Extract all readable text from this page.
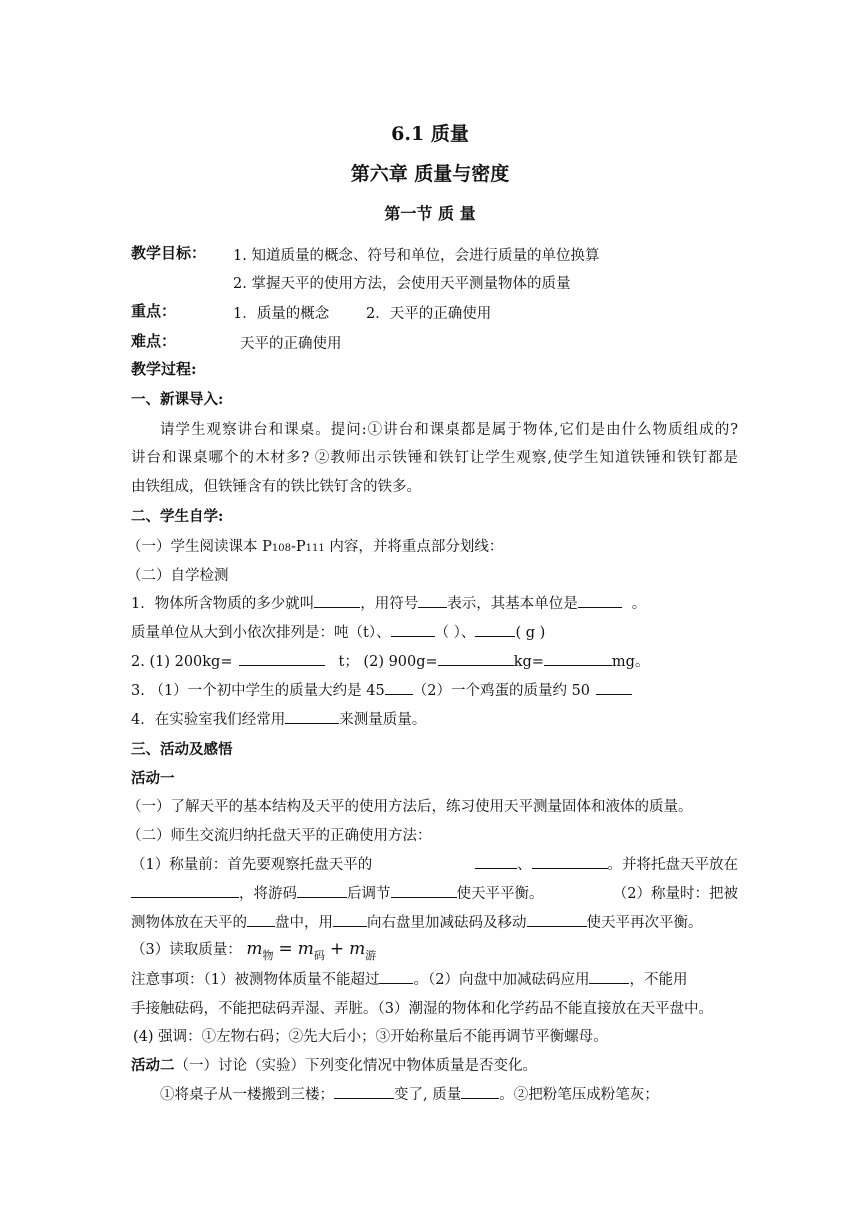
6.1 质量
第六章 质量与密度
第一节 质 量
教学目标： 1. 知道质量的概念、符号和单位，会进行质量的单位换算
2. 掌握天平的使用方法，会使用天平测量物体的质量
重点：	1．质量的概念	2．天平的正确使用
难点：	天平的正确使用
教学过程:
一、新课导入:
请学生观察讲台和课桌。提问:①讲台和课桌都是属于物体,它们是由什么物质组成的?
讲台和课桌哪个的木材多? ②教师出示铁锤和铁钉让学生观察,使学生知道铁锤和铁钉都是
由铁组成，但铁锤含有的铁比铁钉含的铁多。
二、学生自学:
（一）学生阅读课本 P108-P111 内容，并将重点部分划线：
（二）自学检测
1．物体所含物质的多少就叫	，用符号 表示，其基本单位是	。
质量单位从大到小依次排列是：吨（t）、	（ ）、	( g )
2. (1) 200kg=	t； (2) 900g=	kg=	mg。
3. （1）一个初中学生的质量大约是 45 （2）一个鸡蛋的质量约 50
4．在实验室我们经常用	来测量质量。
三、活动及感悟
活动一
（一）了解天平的基本结构及天平的使用方法后，练习使用天平测量固体和液体的质量。
（二）师生交流归纳托盘天平的正确使用方法：
（1）称量前：首先要观察托盘天平的	、	。并将托盘天平放在
，将游码	后调节	使天平平衡。	（2）称量时：把被
测物体放在天平的 盘中，用 向右盘里加减砝码及移动	使天平再次平衡。
（3）读取质量： $m_物 = m_码 + m_游$
注意事项：（1）被测物体质量不能超过 。（2）向盘中加减砝码应用	，不能用
手接触砝码，不能把砝码弄湿、弄脏。（3）潮湿的物体和化学药品不能直接放在天平盘中。
(4) 强调：①左物右码；②先大后小；③开始称量后不能再调节平衡螺母。
活动二（一）讨论（实验）下列变化情况中物体质量是否变化。
①将桌子从一楼搬到三楼；	变了, 质量	。②把粉笔压成粉笔灰；
